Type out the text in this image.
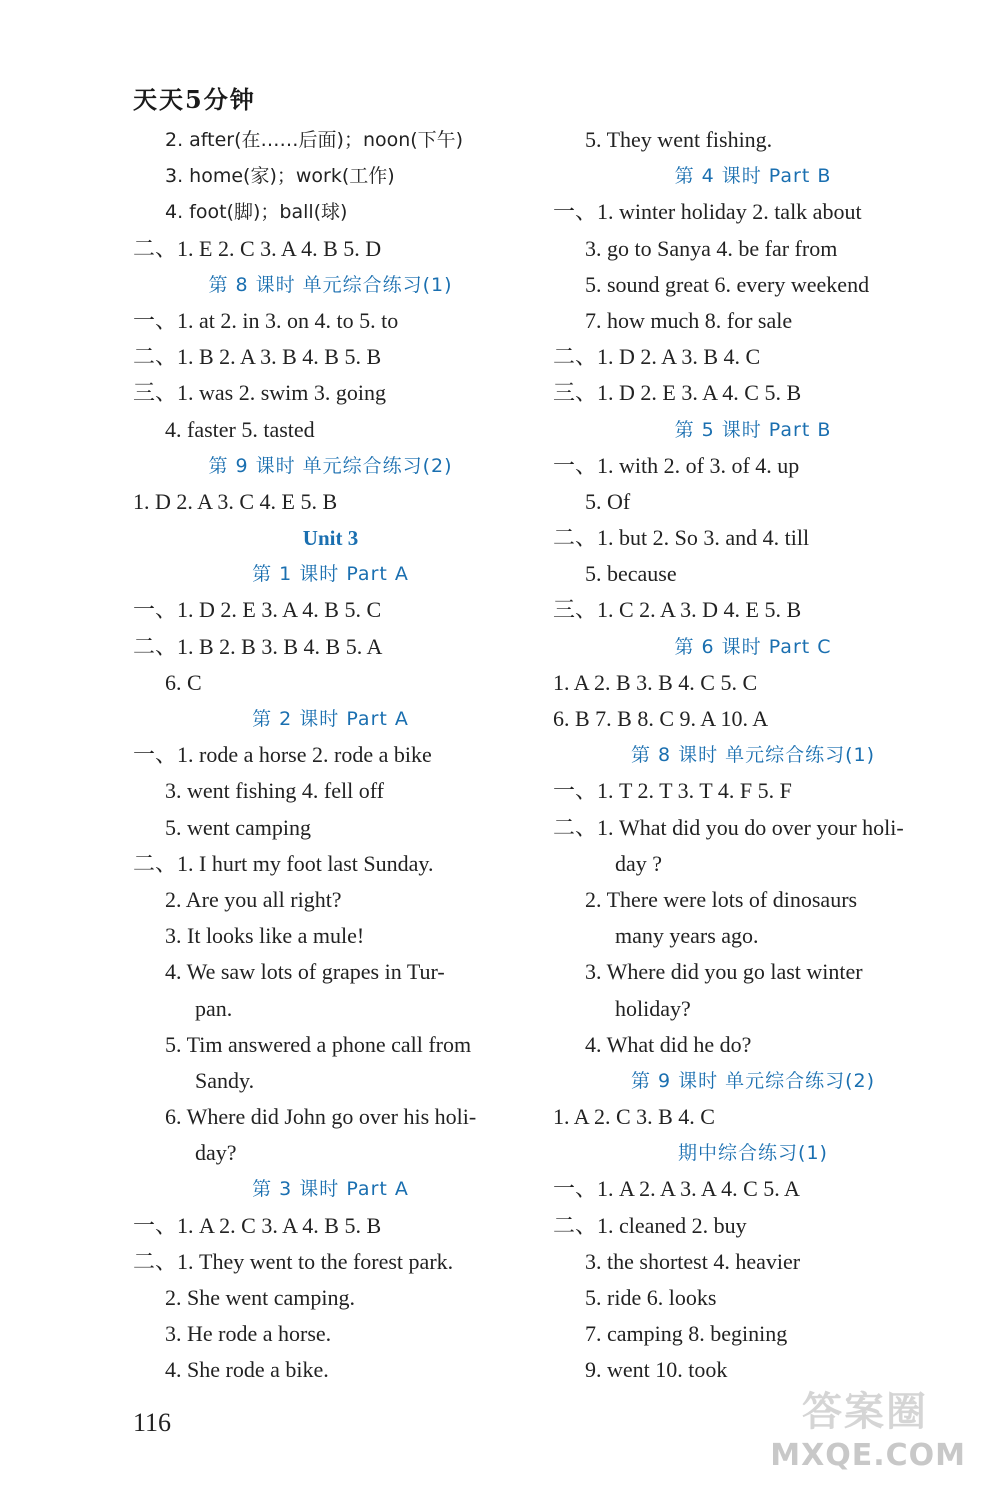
天天5分钟
2. after(在……后面)；noon(下午)
3. home(家)；work(工作)
4. foot(脚)；ball(球)
二、1. E 2. C 3. A 4. B 5. D
第 8 课时 单元综合练习(1)
一、1. at 2. in 3. on 4. to 5. to
二、1. B 2. A 3. B 4. B 5. B
三、1. was 2. swim 3. going
4. faster 5. tasted
第 9 课时 单元综合练习(2)
1. D 2. A 3. C 4. E 5. B
Unit 3
第 1 课时 Part A
一、1. D 2. E 3. A 4. B 5. C
二、1. B 2. B 3. B 4. B 5. A
6. C
第 2 课时 Part A
一、1. rode a horse 2. rode a bike
3. went fishing 4. fell off
5. went camping
二、1. I hurt my foot last Sunday.
2. Are you all right?
3. It looks like a mule!
4. We saw lots of grapes in Tur-
pan.
5. Tim answered a phone call from
Sandy.
6. Where did John go over his holi-
day?
第 3 课时 Part A
一、1. A 2. C 3. A 4. B 5. B
二、1. They went to the forest park.
2. She went camping.
3. He rode a horse.
4. She rode a bike.
5. They went fishing.
第 4 课时 Part B
一、1. winter holiday 2. talk about
3. go to Sanya 4. be far from
5. sound great 6. every weekend
7. how much 8. for sale
二、1. D 2. A 3. B 4. C
三、1. D 2. E 3. A 4. C 5. B
第 5 课时 Part B
一、1. with 2. of 3. of 4. up
5. Of
二、1. but 2. So 3. and 4. till
5. because
三、1. C 2. A 3. D 4. E 5. B
第 6 课时 Part C
1. A 2. B 3. B 4. C 5. C
6. B 7. B 8. C 9. A 10. A
第 8 课时 单元综合练习(1)
一、1. T 2. T 3. T 4. F 5. F
二、1. What did you do over your holi-
day ?
2. There were lots of dinosaurs
many years ago.
3. Where did you go last winter
holiday?
4. What did he do?
第 9 课时 单元综合练习(2)
1. A 2. C 3. B 4. C
期中综合练习(1)
一、1. A 2. A 3. A 4. C 5. A
二、1. cleaned 2. buy
3. the shortest 4. heavier
5. ride 6. looks
7. camping 8. begining
9. went 10. took
116	答案圈
MXQE.COM
